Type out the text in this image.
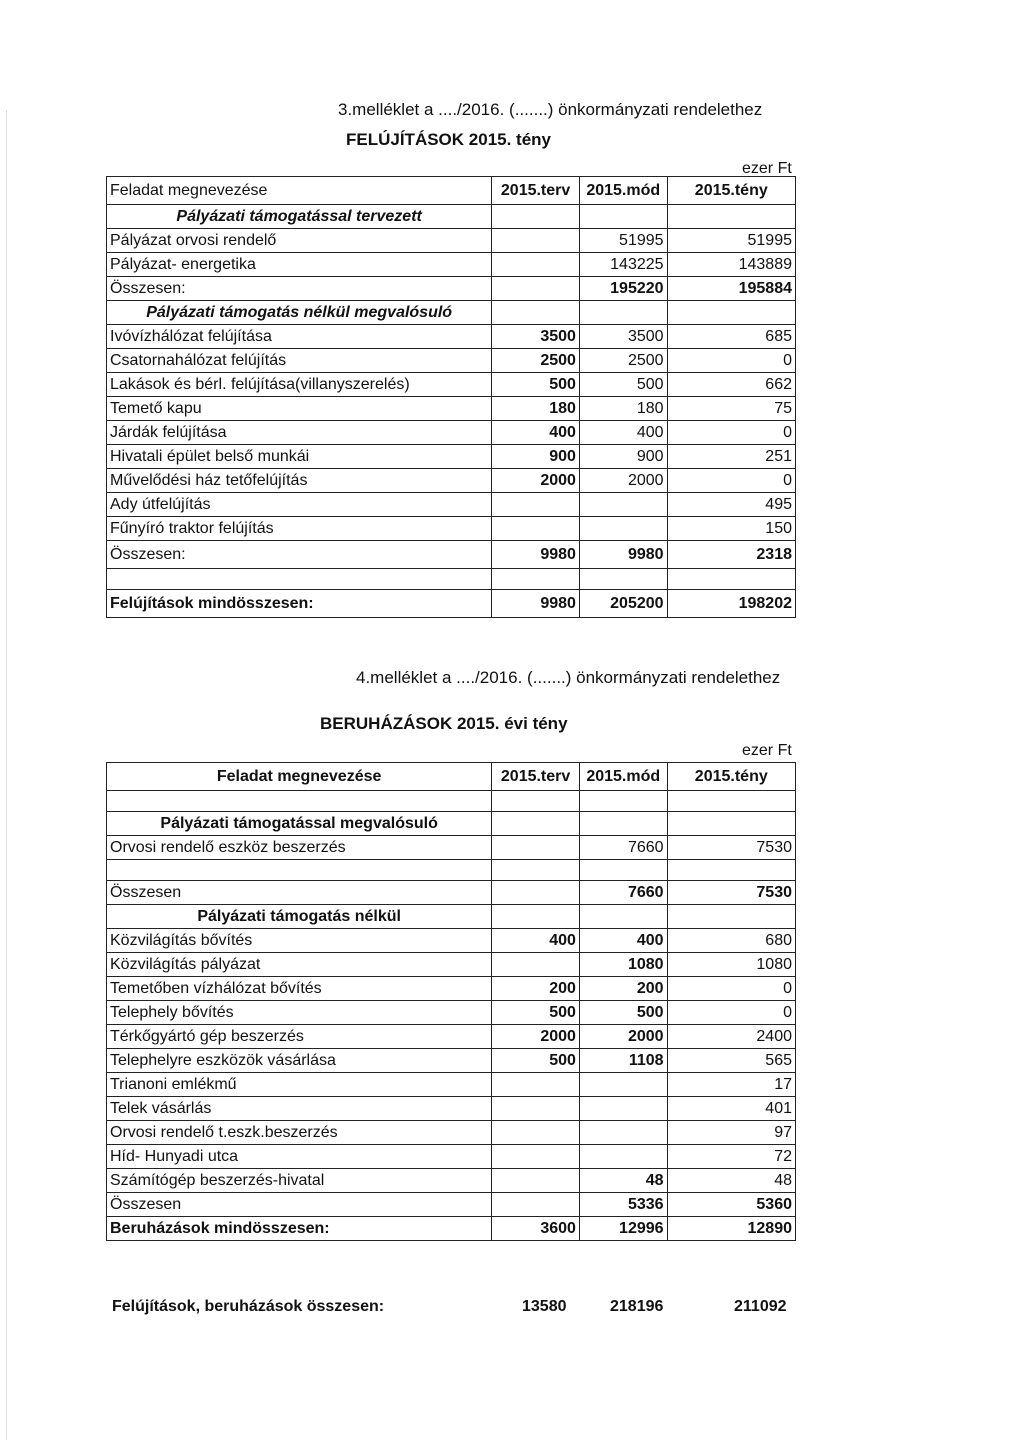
3.melléklet a ..../2016. (.......) önkormányzati rendelethez
FELÚJÍTÁSOK 2015. tény
ezer Ft
Feladat megnevezése	2015.terv	2015.mód	2015.tény
Pályázati támogatással tervezett			
Pályázat orvosi rendelő		51995	51995
Pályázat- energetika		143225	143889
Összesen:		195220	195884
Pályázati támogatás nélkül megvalósuló			
Ivóvízhálózat felújítása	3500	3500	685
Csatornahálózat felújítás	2500	2500	0
Lakások és bérl. felújítása(villanyszerelés)	500	500	662
Temető kapu	180	180	75
Járdák felújítása	400	400	0
Hivatali épület belső munkái	900	900	251
Művelődési ház tetőfelújítás	2000	2000	0
Ady útfelújítás			495
Fűnyíró traktor felújítás			150
Összesen:	9980	9980	2318

Felújítások mindösszesen:	9980	205200	198202
4.melléklet a ..../2016. (.......) önkormányzati rendelethez
BERUHÁZÁSOK 2015. évi tény
ezer Ft
Feladat megnevezése	2015.terv	2015.mód	2015.tény

Pályázati támogatással megvalósuló			
Orvosi rendelő eszköz beszerzés		7660	7530

Összesen		7660	7530
Pályázati támogatás nélkül			
Közvilágítás bővítés	400	400	680
Közvilágítás pályázat		1080	1080
Temetőben vízhálózat bővítés	200	200	0
Telephely bővítés	500	500	0
Térkőgyártó gép beszerzés	2000	2000	2400
Telephelyre eszközök vásárlása	500	1108	565
Trianoni emlékmű			17
Telek vásárlás			401
Orvosi rendelő t.eszk.beszerzés			97
Híd- Hunyadi utca			72
Számítógép beszerzés-hivatal		48	48
Összesen		5336	5360
Beruházások mindösszesen:	3600	12996	12890
Felújítások, beruházások összesen:	13580	218196	211092
